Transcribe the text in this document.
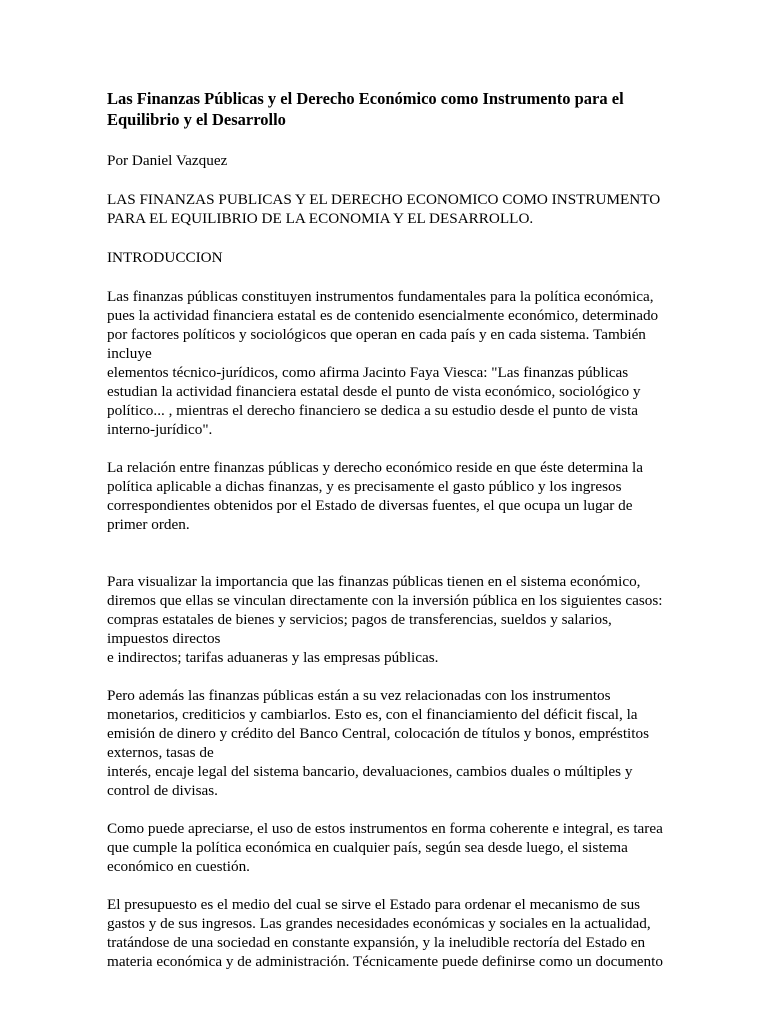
Las Finanzas Públicas y el Derecho Económico como Instrumento para el
Equilibrio y el Desarrollo
Por Daniel Vazquez
LAS FINANZAS PUBLICAS Y EL DERECHO ECONOMICO COMO INSTRUMENTO
PARA EL EQUILIBRIO DE LA ECONOMIA Y EL DESARROLLO.
INTRODUCCION
Las finanzas públicas constituyen instrumentos fundamentales para la política económica,
pues la actividad financiera estatal es de contenido esencialmente económico, determinado
por factores políticos y sociológicos que operan en cada país y en cada sistema. También
incluye
elementos técnico-jurídicos, como afirma Jacinto Faya Viesca: "Las finanzas públicas
estudian la actividad financiera estatal desde el punto de vista económico, sociológico y
político... , mientras el derecho financiero se dedica a su estudio desde el punto de vista
interno-jurídico".
La relación entre finanzas públicas y derecho económico reside en que éste determina la
política aplicable a dichas finanzas, y es precisamente el gasto público y los ingresos
correspondientes obtenidos por el Estado de diversas fuentes, el que ocupa un lugar de
primer orden.
Para visualizar la importancia que las finanzas públicas tienen en el sistema económico,
diremos que ellas se vinculan directamente con la inversión pública en los siguientes casos:
compras estatales de bienes y servicios; pagos de transferencias, sueldos y salarios,
impuestos directos
e indirectos; tarifas aduaneras y las empresas públicas.
Pero además las finanzas públicas están a su vez relacionadas con los instrumentos
monetarios, crediticios y cambiarlos. Esto es, con el financiamiento del déficit fiscal, la
emisión de dinero y crédito del Banco Central, colocación de títulos y bonos, empréstitos
externos, tasas de
interés, encaje legal del sistema bancario, devaluaciones, cambios duales o múltiples y
control de divisas.
Como puede apreciarse, el uso de estos instrumentos en forma coherente e integral, es tarea
que cumple la política económica en cualquier país, según sea desde luego, el sistema
económico en cuestión.
El presupuesto es el medio del cual se sirve el Estado para ordenar el mecanismo de sus
gastos y de sus ingresos. Las grandes necesidades económicas y sociales en la actualidad,
tratándose de una sociedad en constante expansión, y la ineludible rectoría del Estado en
materia económica y de administración. Técnicamente puede definirse como un documento
